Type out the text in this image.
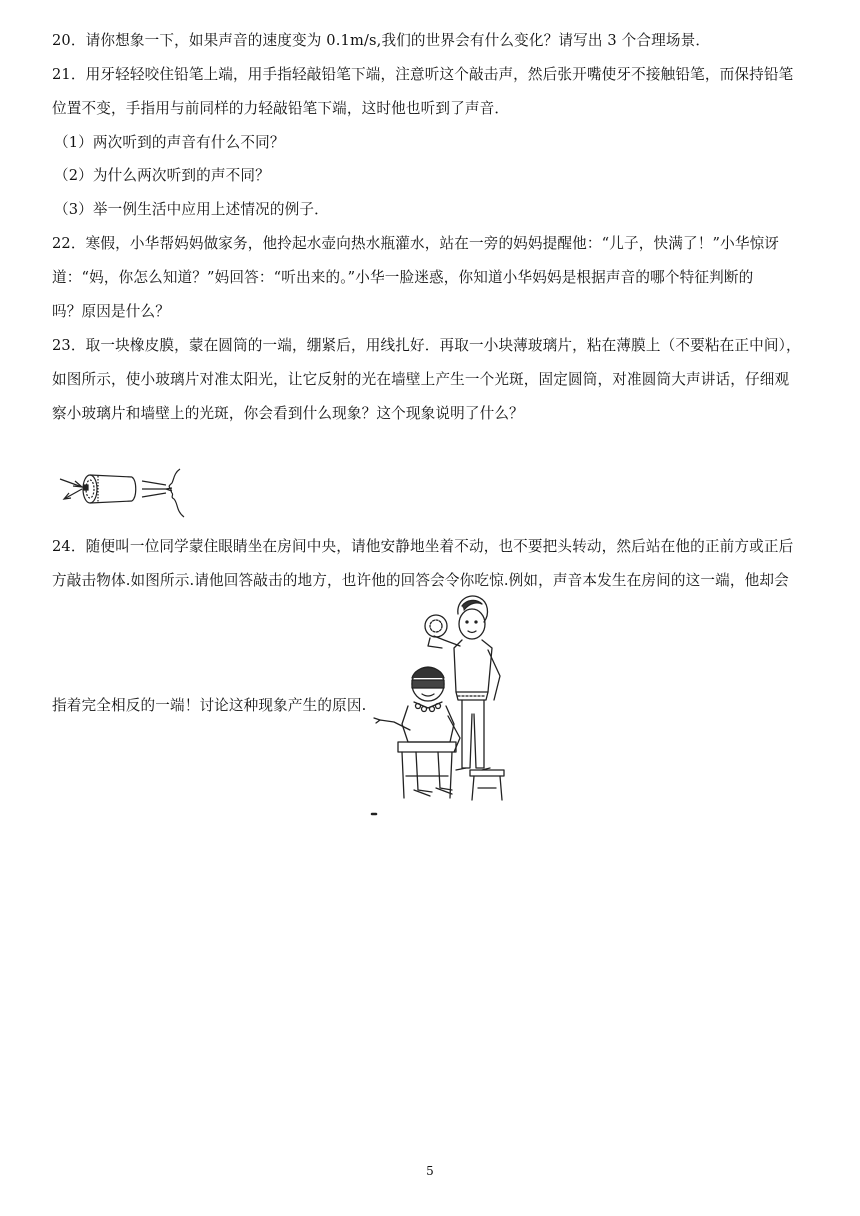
20．请你想象一下，如果声音的速度变为 0.1m/s,我们的世界会有什么变化？请写出 3 个合理场景．
21．用牙轻轻咬住铅笔上端，用手指轻敲铅笔下端，注意听这个敲击声，然后张开嘴使牙不接触铅笔，而保持铅笔
位置不变，手指用与前同样的力轻敲铅笔下端，这时他也听到了声音．
（1）两次听到的声音有什么不同？
（2）为什么两次听到的声不同？
（3）举一例生活中应用上述情况的例子．
22．寒假，小华帮妈妈做家务，他拎起水壶向热水瓶灌水，站在一旁的妈妈提醒他：“儿子，快满了！”小华惊讶
道：“妈，你怎么知道？”妈回答：“听出来的。”小华一脸迷惑，你知道小华妈妈是根据声音的哪个特征判断的
吗？原因是什么？
23．取一块橡皮膜，蒙在圆筒的一端，绷紧后，用线扎好．再取一小块薄玻璃片，粘在薄膜上（不要粘在正中间），
如图所示，使小玻璃片对准太阳光，让它反射的光在墙壁上产生一个光斑，固定圆筒，对准圆筒大声讲话，仔细观
察小玻璃片和墙壁上的光斑，你会看到什么现象？这个现象说明了什么？
24．随便叫一位同学蒙住眼睛坐在房间中央，请他安静地坐着不动，也不要把头转动，然后站在他的正前方或正后
方敲击物体.如图所示.请他回答敲击的地方，也许他的回答会令你吃惊.例如，声音本发生在房间的这一端，他却会
指着完全相反的一端！讨论这种现象产生的原因.
5
